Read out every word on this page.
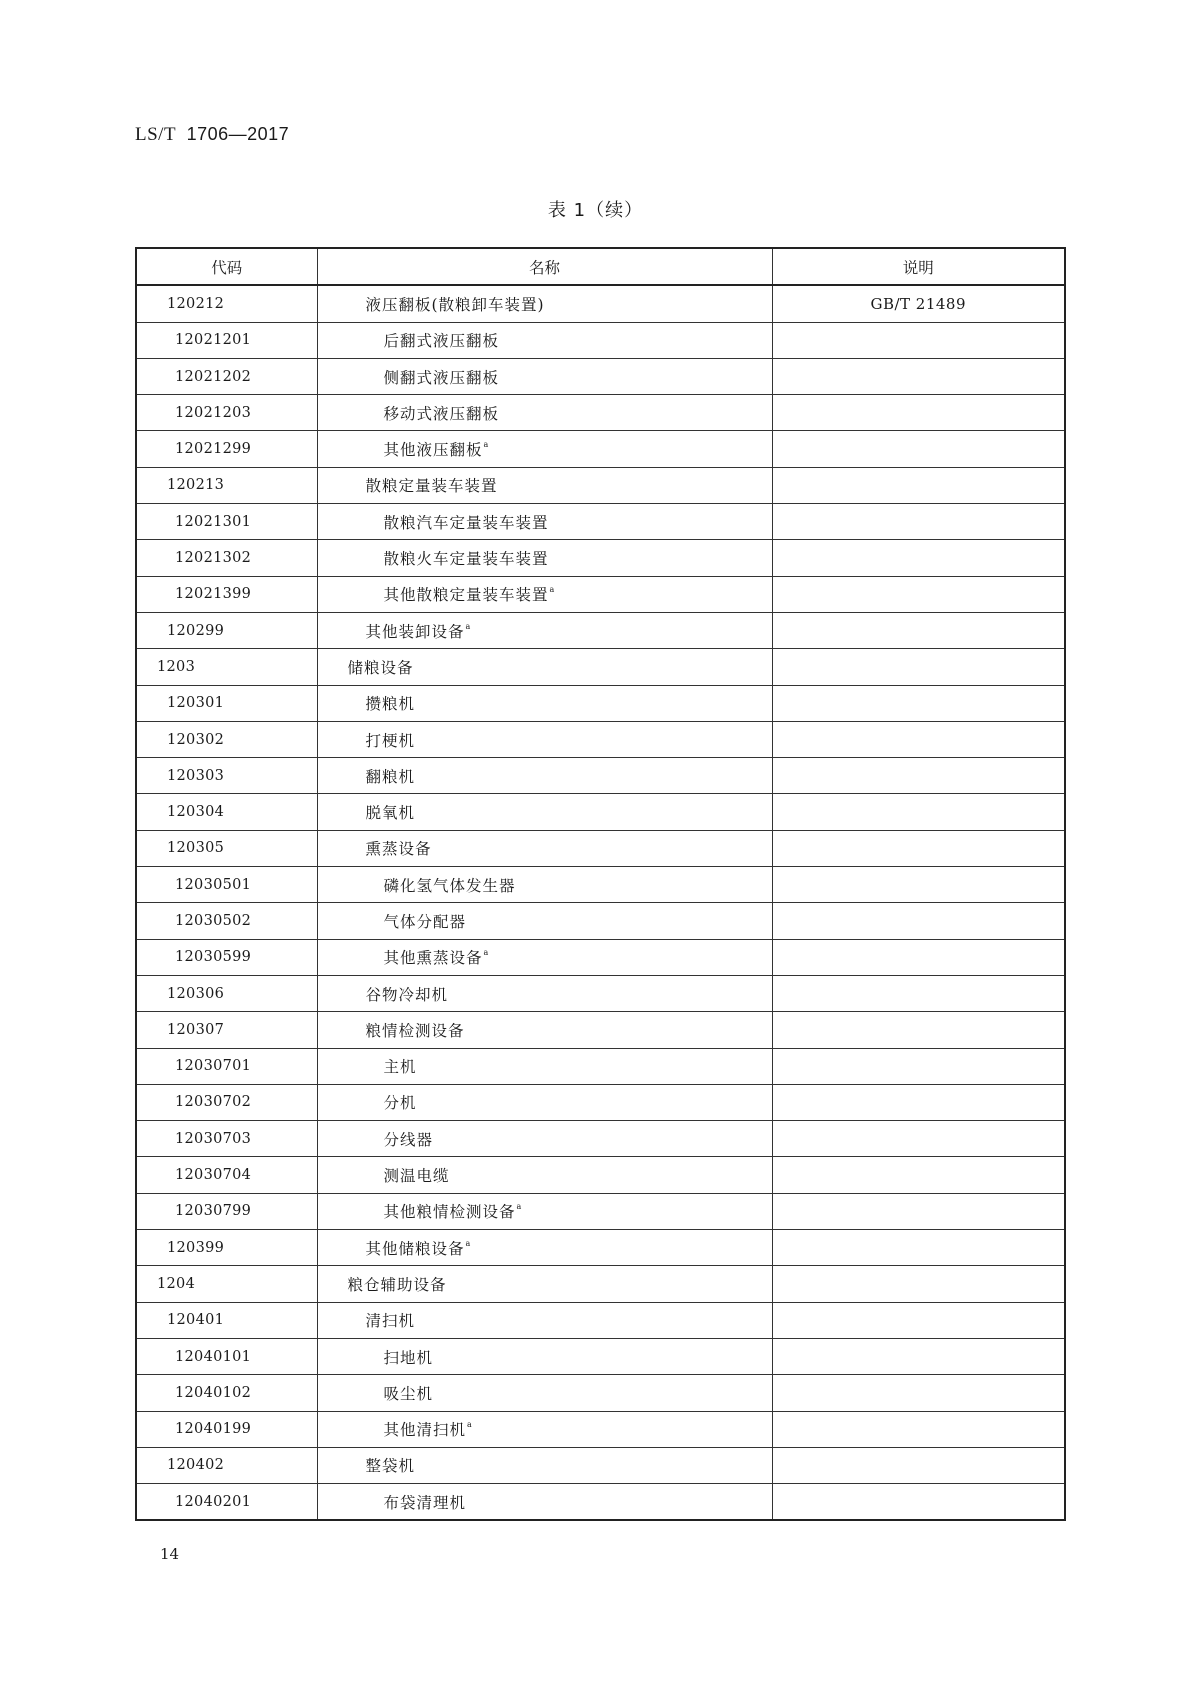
LS/T 1706—2017
表 1（续）
代码	名称	说明
120212	液压翻板(散粮卸车装置)	GB/T 21489
12021201	后翻式液压翻板	
12021202	侧翻式液压翻板	
12021203	移动式液压翻板	
12021299	其他液压翻板$^a$	
120213	散粮定量装车装置	
12021301	散粮汽车定量装车装置	
12021302	散粮火车定量装车装置	
12021399	其他散粮定量装车装置$^a$	
120299	其他装卸设备$^a$	
1203	储粮设备	
120301	攒粮机	
120302	打梗机	
120303	翻粮机	
120304	脱氧机	
120305	熏蒸设备	
12030501	磷化氢气体发生器	
12030502	气体分配器	
12030599	其他熏蒸设备$^a$	
120306	谷物冷却机	
120307	粮情检测设备	
12030701	主机	
12030702	分机	
12030703	分线器	
12030704	测温电缆	
12030799	其他粮情检测设备$^a$	
120399	其他储粮设备$^a$	
1204	粮仓辅助设备	
120401	清扫机	
12040101	扫地机	
12040102	吸尘机	
12040199	其他清扫机$^a$	
120402	整袋机	
12040201	布袋清理机	
14
